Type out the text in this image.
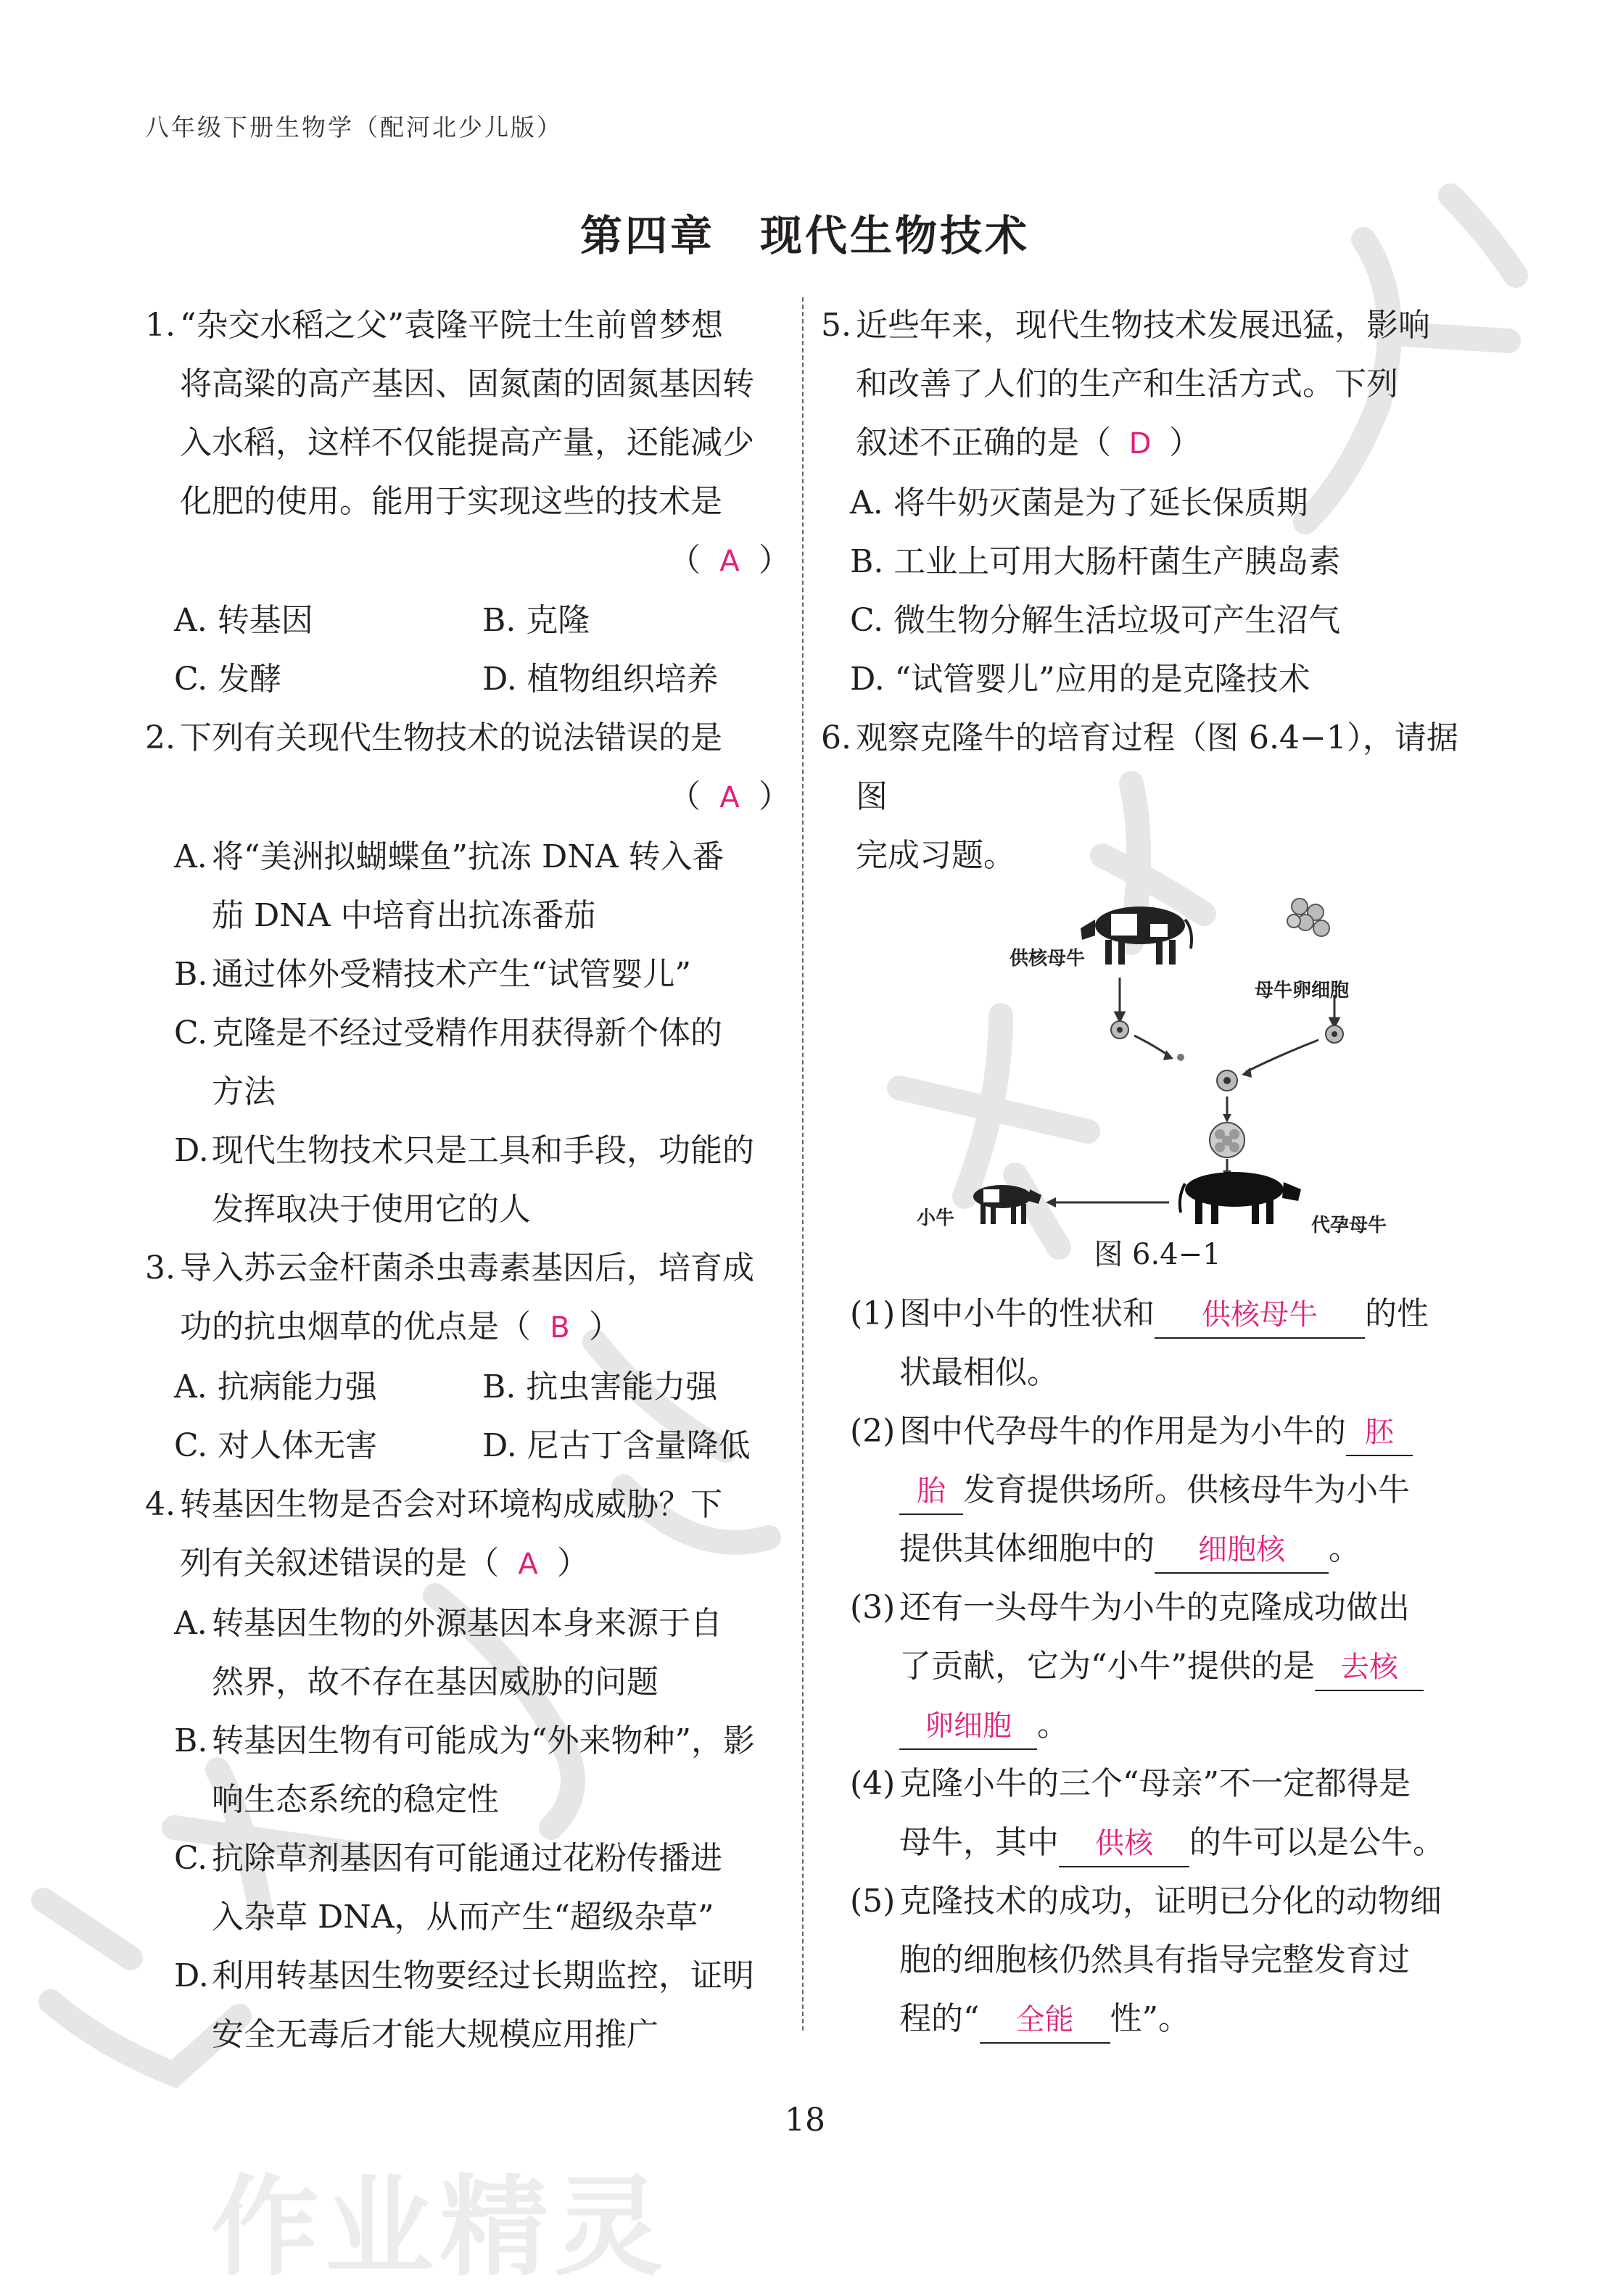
八年级下册生物学（配河北少儿版）
第四章　现代生物技术
1. “杂交水稻之父”袁隆平院士生前曾梦想
将高粱的高产基因、固氮菌的固氮基因转
入水稻，这样不仅能提高产量，还能减少
化肥的使用。能用于实现这些的技术是
（ A ）
A. 转基因	B. 克隆
C. 发酵	D. 植物组织培养
2. 下列有关现代生物技术的说法错误的是
（ A ）
A. 将“美洲拟蝴蝶鱼”抗冻 DNA 转入番
茄 DNA 中培育出抗冻番茄
B. 通过体外受精技术产生“试管婴儿”
C. 克隆是不经过受精作用获得新个体的
方法
D. 现代生物技术只是工具和手段，功能的
发挥取决于使用它的人
3. 导入苏云金杆菌杀虫毒素基因后，培育成
功的抗虫烟草的优点是（ B ）
A. 抗病能力强	B. 抗虫害能力强
C. 对人体无害	D. 尼古丁含量降低
4. 转基因生物是否会对环境构成威胁？下
列有关叙述错误的是（ A ）
A. 转基因生物的外源基因本身来源于自
然界，故不存在基因威胁的问题
B. 转基因生物有可能成为“外来物种”，影
响生态系统的稳定性
C. 抗除草剂基因有可能通过花粉传播进
入杂草 DNA，从而产生“超级杂草”
D. 利用转基因生物要经过长期监控，证明
安全无毒后才能大规模应用推广
5. 近些年来，现代生物技术发展迅猛，影响
和改善了人们的生产和生活方式。下列
叙述不正确的是（ D ）
A. 将牛奶灭菌是为了延长保质期
B. 工业上可用大肠杆菌生产胰岛素
C. 微生物分解生活垃圾可产生沼气
D. “试管婴儿”应用的是克隆技术
6. 观察克隆牛的培育过程（图 6.4−1），请据图
完成习题。
供核母牛
母牛卵细胞
小牛	代孕母牛
图 6.4−1
(1) 图中小牛的性状和 供核母牛 的性
状最相似。
(2) 图中代孕母牛的作用是为小牛的 胚
胎 发育提供场所。供核母牛为小牛
提供其体细胞中的 细胞核 。
(3) 还有一头母牛为小牛的克隆成功做出
了贡献，它为“小牛”提供的是 去核
卵细胞 。
(4) 克隆小牛的三个“母亲”不一定都得是
母牛，其中 供核 的牛可以是公牛。
(5) 克隆技术的成功，证明已分化的动物细
胞的细胞核仍然具有指导完整发育过
程的“ 全能 性”。
18
作业精灵
